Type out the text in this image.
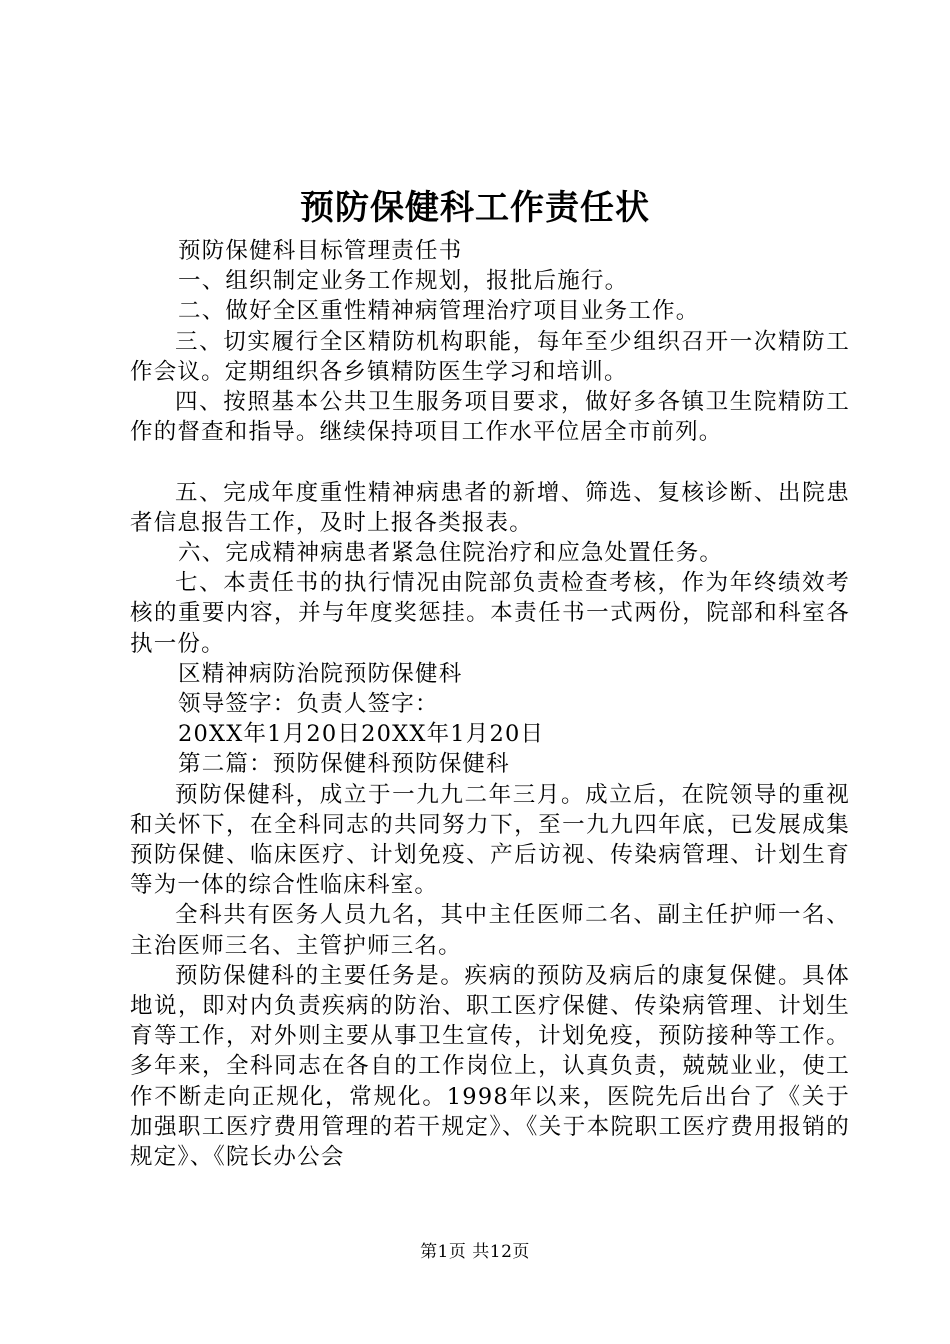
预防保健科工作责任状

预防保健科目标管理责任书

一、组织制定业务工作规划，报批后施行。

二、做好全区重性精神病管理治疗项目业务工作。

三、切实履行全区精防机构职能，每年至少组织召开一次精防工作会议。定期组织各乡镇精防医生学习和培训。

四、按照基本公共卫生服务项目要求，做好多各镇卫生院精防工作的督查和指导。继续保持项目工作水平位居全市前列。

五、完成年度重性精神病患者的新增、筛选、复核诊断、出院患者信息报告工作，及时上报各类报表。

六、完成精神病患者紧急住院治疗和应急处置任务。

七、本责任书的执行情况由院部负责检查考核，作为年终绩效考核的重要内容，并与年度奖惩挂。本责任书一式两份，院部和科室各执一份。

区精神病防治院预防保健科

领导签字：负责人签字：

20XX年1月20日20XX年1月20日

第二篇：预防保健科预防保健科

预防保健科，成立于一九九二年三月。成立后，在院领导的重视和关怀下，在全科同志的共同努力下，至一九九四年底，已发展成集预防保健、临床医疗、计划免疫、产后访视、传染病管理、计划生育等为一体的综合性临床科室。

全科共有医务人员九名，其中主任医师二名、副主任护师一名、主治医师三名、主管护师三名。

预防保健科的主要任务是。疾病的预防及病后的康复保健。具体地说，即对内负责疾病的防治、职工医疗保健、传染病管理、计划生育等工作，对外则主要从事卫生宣传，计划免疫，预防接种等工作。多年来，全科同志在各自的工作岗位上，认真负责，兢兢业业，使工作不断走向正规化，常规化。1998年以来，医院先后出台了《关于加强职工医疗费用管理的若干规定》、《关于本院职工医疗费用报销的规定》、《院长办公会

第1页 共12页
